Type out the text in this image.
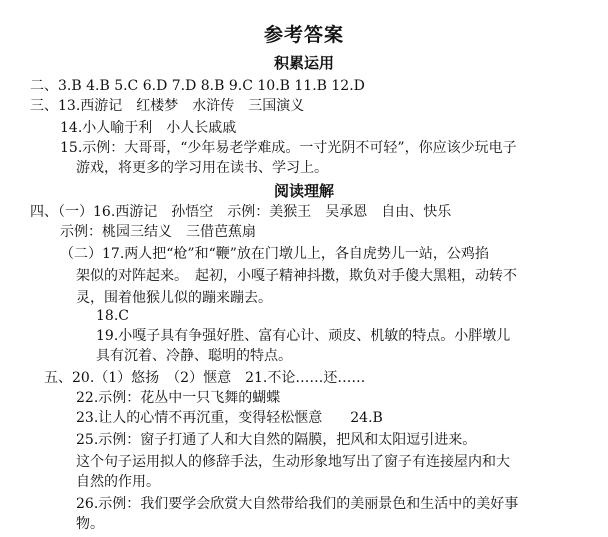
参考答案
积累运用
二、3.B 4.B 5.C 6.D 7.D 8.B 9.C 10.B 11.B 12.D
三、13.西游记　红楼梦　水浒传　三国演义
14.小人喻于利　小人长戚戚
15.示例：大哥哥，“少年易老学难成。一寸光阴不可轻”，你应该少玩电子
游戏，将更多的学习用在读书、学习上。
阅读理解
四、（一）16.西游记　孙悟空　示例：美猴王　吴承恩　自由、快乐
示例：桃园三结义　三借芭蕉扇
（二）17.两人把“枪”和“鞭”放在门墩儿上，各自虎势儿一站，公鸡掐
架似的对阵起来。　起初，小嘎子精神抖擞，欺负对手傻大黑粗，动转不
灵，围着他猴儿似的蹦来蹦去。
18.C
19.小嘎子具有争强好胜、富有心计、顽皮、机敏的特点。小胖墩儿
具有沉着、冷静、聪明的特点。
五、20.（1）悠扬　（2）惬意　21.不论……还……
22.示例：花丛中一只飞舞的蝴蝶
23.让人的心情不再沉重，变得轻松惬意　　24.B
25.示例：窗子打通了人和大自然的隔膜，把风和太阳逗引进来。
这个句子运用拟人的修辞手法，生动形象地写出了窗子有连接屋内和大
自然的作用。
26.示例：我们要学会欣赏大自然带给我们的美丽景色和生活中的美好事
物。
